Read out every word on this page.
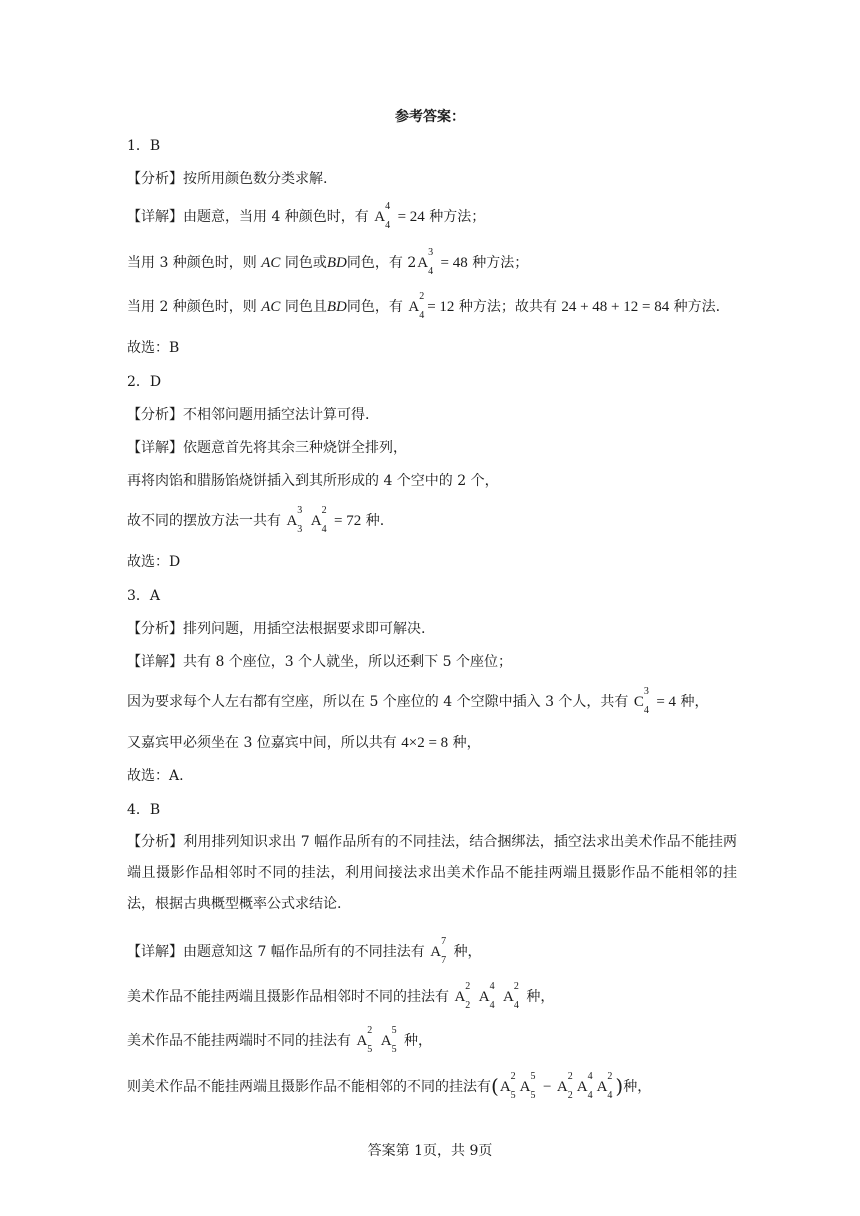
参考答案：
1．B
【分析】按所用颜色数分类求解.
【详解】由题意，当用 4 种颜色时，有 A
4
4
= 24 种方法；
当用 3 种颜色时，则 AC 同色或BD同色，有 2A
3
4
= 48 种方法；
当用 2 种颜色时，则 AC 同色且BD同色，有 A
2
4
= 12 种方法；故共有 24 + 48 + 12 = 84 种方法.
故选：B
2．D
【分析】不相邻问题用插空法计算可得.
【详解】依题意首先将其余三种烧饼全排列，
再将肉馅和腊肠馅烧饼插入到其所形成的 4 个空中的 2 个，
故不同的摆放方法一共有 A
3
3
A
2
4
= 72 种.
故选：D
3．A
【分析】排列问题，用插空法根据要求即可解决.
【详解】共有 8 个座位，3 个人就坐，所以还剩下 5 个座位；
因为要求每个人左右都有空座，所以在 5 个座位的 4 个空隙中插入 3 个人，共有 C
3
4
= 4 种，
又嘉宾甲必须坐在 3 位嘉宾中间，所以共有 4×2 = 8 种，
故选：A.
4．B
【分析】利用排列知识求出 7 幅作品所有的不同挂法，结合捆绑法，插空法求出美术作品不能挂两端且摄影作品相邻时不同的挂法，利用间接法求出美术作品不能挂两端且摄影作品不能相邻的挂法，根据古典概型概率公式求结论.
【详解】由题意知这 7 幅作品所有的不同挂法有 A
7
7
种，
美术作品不能挂两端且摄影作品相邻时不同的挂法有 A
2
2
A
4
4
A
2
4
种，
美术作品不能挂两端时不同的挂法有 A
2
5
A
5
5
种，
则美术作品不能挂两端且摄影作品不能相邻的不同的挂法有(A
2
5
A
5
5
− A
2
2
A
4
4
A
2
4 )种，
答案第 1页，共 9页
